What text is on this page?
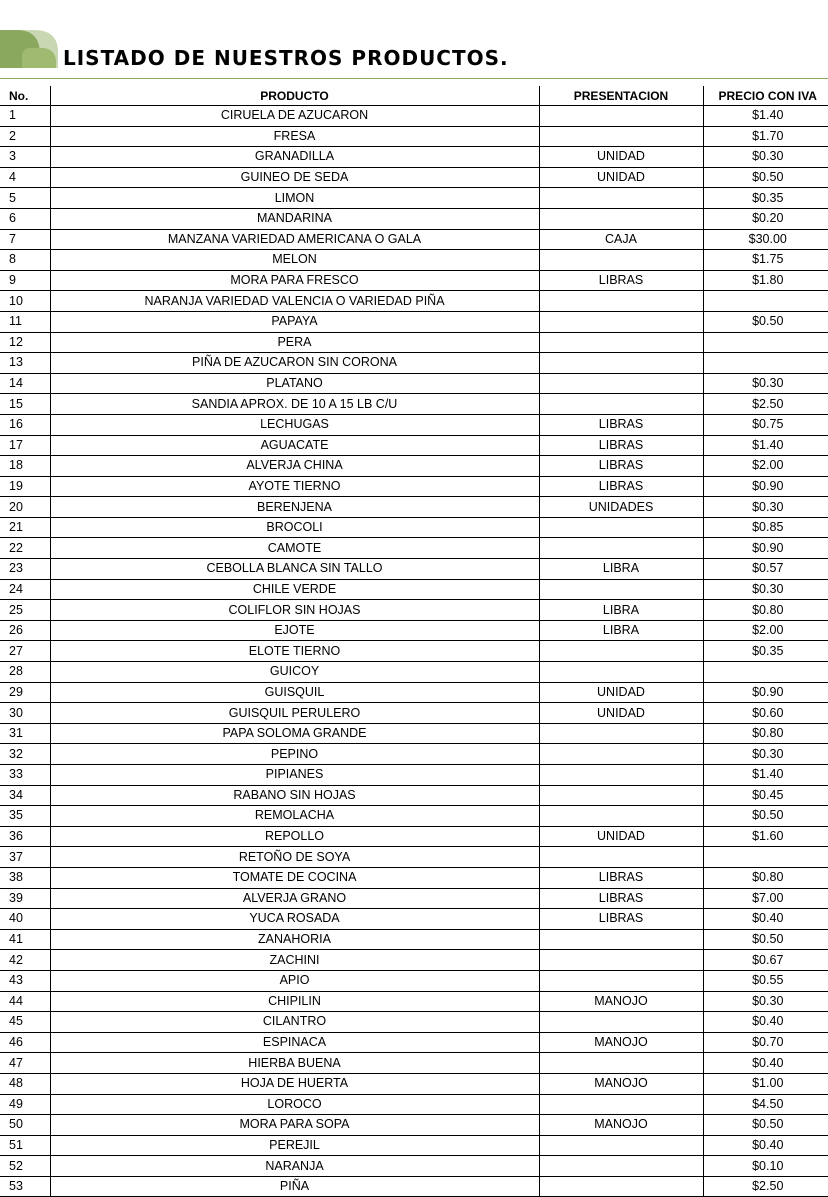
LISTADO DE NUESTROS PRODUCTOS.
No.	PRODUCTO	PRESENTACION	PRECIO CON IVA
1	CIRUELA DE AZUCARON		$1.40
2	FRESA		$1.70
3	GRANADILLA	UNIDAD	$0.30
4	GUINEO DE SEDA	UNIDAD	$0.50
5	LIMON		$0.35
6	MANDARINA		$0.20
7	MANZANA VARIEDAD AMERICANA O GALA	CAJA	$30.00
8	MELON		$1.75
9	MORA PARA FRESCO	LIBRAS	$1.80
10	NARANJA VARIEDAD VALENCIA O VARIEDAD PIÑA		
11	PAPAYA		$0.50
12	PERA		
13	PIÑA DE AZUCARON SIN CORONA		
14	PLATANO		$0.30
15	SANDIA APROX. DE 10 A 15 LB C/U		$2.50
16	LECHUGAS	LIBRAS	$0.75
17	AGUACATE	LIBRAS	$1.40
18	ALVERJA CHINA	LIBRAS	$2.00
19	AYOTE TIERNO	LIBRAS	$0.90
20	BERENJENA	UNIDADES	$0.30
21	BROCOLI		$0.85
22	CAMOTE		$0.90
23	CEBOLLA BLANCA SIN TALLO	LIBRA	$0.57
24	CHILE VERDE		$0.30
25	COLIFLOR SIN HOJAS	LIBRA	$0.80
26	EJOTE	LIBRA	$2.00
27	ELOTE TIERNO		$0.35
28	GUICOY		
29	GUISQUIL	UNIDAD	$0.90
30	GUISQUIL PERULERO	UNIDAD	$0.60
31	PAPA SOLOMA GRANDE		$0.80
32	PEPINO		$0.30
33	PIPIANES		$1.40
34	RABANO SIN HOJAS		$0.45
35	REMOLACHA		$0.50
36	REPOLLO	UNIDAD	$1.60
37	RETOÑO DE SOYA		
38	TOMATE DE COCINA	LIBRAS	$0.80
39	ALVERJA GRANO	LIBRAS	$7.00
40	YUCA ROSADA	LIBRAS	$0.40
41	ZANAHORIA		$0.50
42	ZACHINI		$0.67
43	APIO		$0.55
44	CHIPILIN	MANOJO	$0.30
45	CILANTRO		$0.40
46	ESPINACA	MANOJO	$0.70
47	HIERBA BUENA		$0.40
48	HOJA DE HUERTA	MANOJO	$1.00
49	LOROCO		$4.50
50	MORA PARA SOPA	MANOJO	$0.50
51	PEREJIL		$0.40
52	NARANJA		$0.10
53	PIÑA		$2.50
